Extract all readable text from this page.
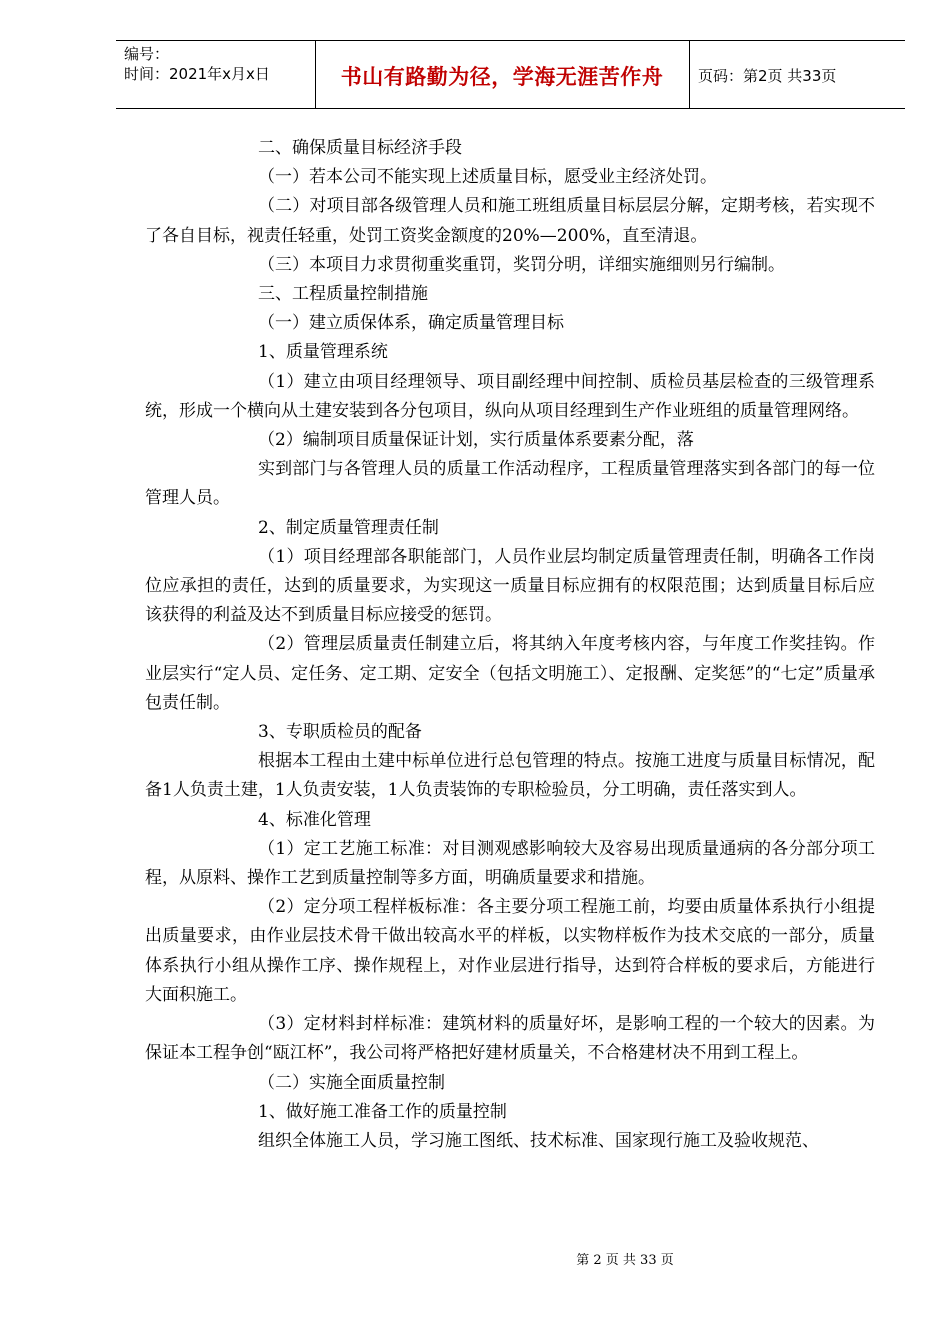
编号：
时间：2021年x月x日	书山有路勤为径，学海无涯苦作舟	页码：第2页 共33页

二、确保质量目标经济手段

（一）若本公司不能实现上述质量目标，愿受业主经济处罚。

（二）对项目部各级管理人员和施工班组质量目标层层分解，定期考核，若实现不了各自目标，视责任轻重，处罚工资奖金额度的20%—200%，直至清退。

（三）本项目力求贯彻重奖重罚，奖罚分明，详细实施细则另行编制。

三、工程质量控制措施

（一）建立质保体系，确定质量管理目标

1、质量管理系统

（1）建立由项目经理领导、项目副经理中间控制、质检员基层检查的三级管理系统，形成一个横向从土建安装到各分包项目，纵向从项目经理到生产作业班组的质量管理网络。

（2）编制项目质量保证计划，实行质量体系要素分配，落

实到部门与各管理人员的质量工作活动程序，工程质量管理落实到各部门的每一位管理人员。

2、制定质量管理责任制

（1）项目经理部各职能部门，人员作业层均制定质量管理责任制，明确各工作岗位应承担的责任，达到的质量要求，为实现这一质量目标应拥有的权限范围；达到质量目标后应该获得的利益及达不到质量目标应接受的惩罚。

（2）管理层质量责任制建立后，将其纳入年度考核内容，与年度工作奖挂钩。作业层实行“定人员、定任务、定工期、定安全（包括文明施工）、定报酬、定奖惩”的“七定”质量承包责任制。

3、专职质检员的配备

根据本工程由土建中标单位进行总包管理的特点。按施工进度与质量目标情况，配备1人负责土建，1人负责安装，1人负责装饰的专职检验员，分工明确，责任落实到人。

4、标准化管理

（1）定工艺施工标准：对目测观感影响较大及容易出现质量通病的各分部分项工程，从原料、操作工艺到质量控制等多方面，明确质量要求和措施。

（2）定分项工程样板标准：各主要分项工程施工前，均要由质量体系执行小组提出质量要求，由作业层技术骨干做出较高水平的样板，以实物样板作为技术交底的一部分，质量体系执行小组从操作工序、操作规程上，对作业层进行指导，达到符合样板的要求后，方能进行大面积施工。

（3）定材料封样标准：建筑材料的质量好坏，是影响工程的一个较大的因素。为保证本工程争创“瓯江杯”，我公司将严格把好建材质量关，不合格建材决不用到工程上。

（二）实施全面质量控制

1、做好施工准备工作的质量控制

组织全体施工人员，学习施工图纸、技术标准、国家现行施工及验收规范、

第 2 页 共 33 页
